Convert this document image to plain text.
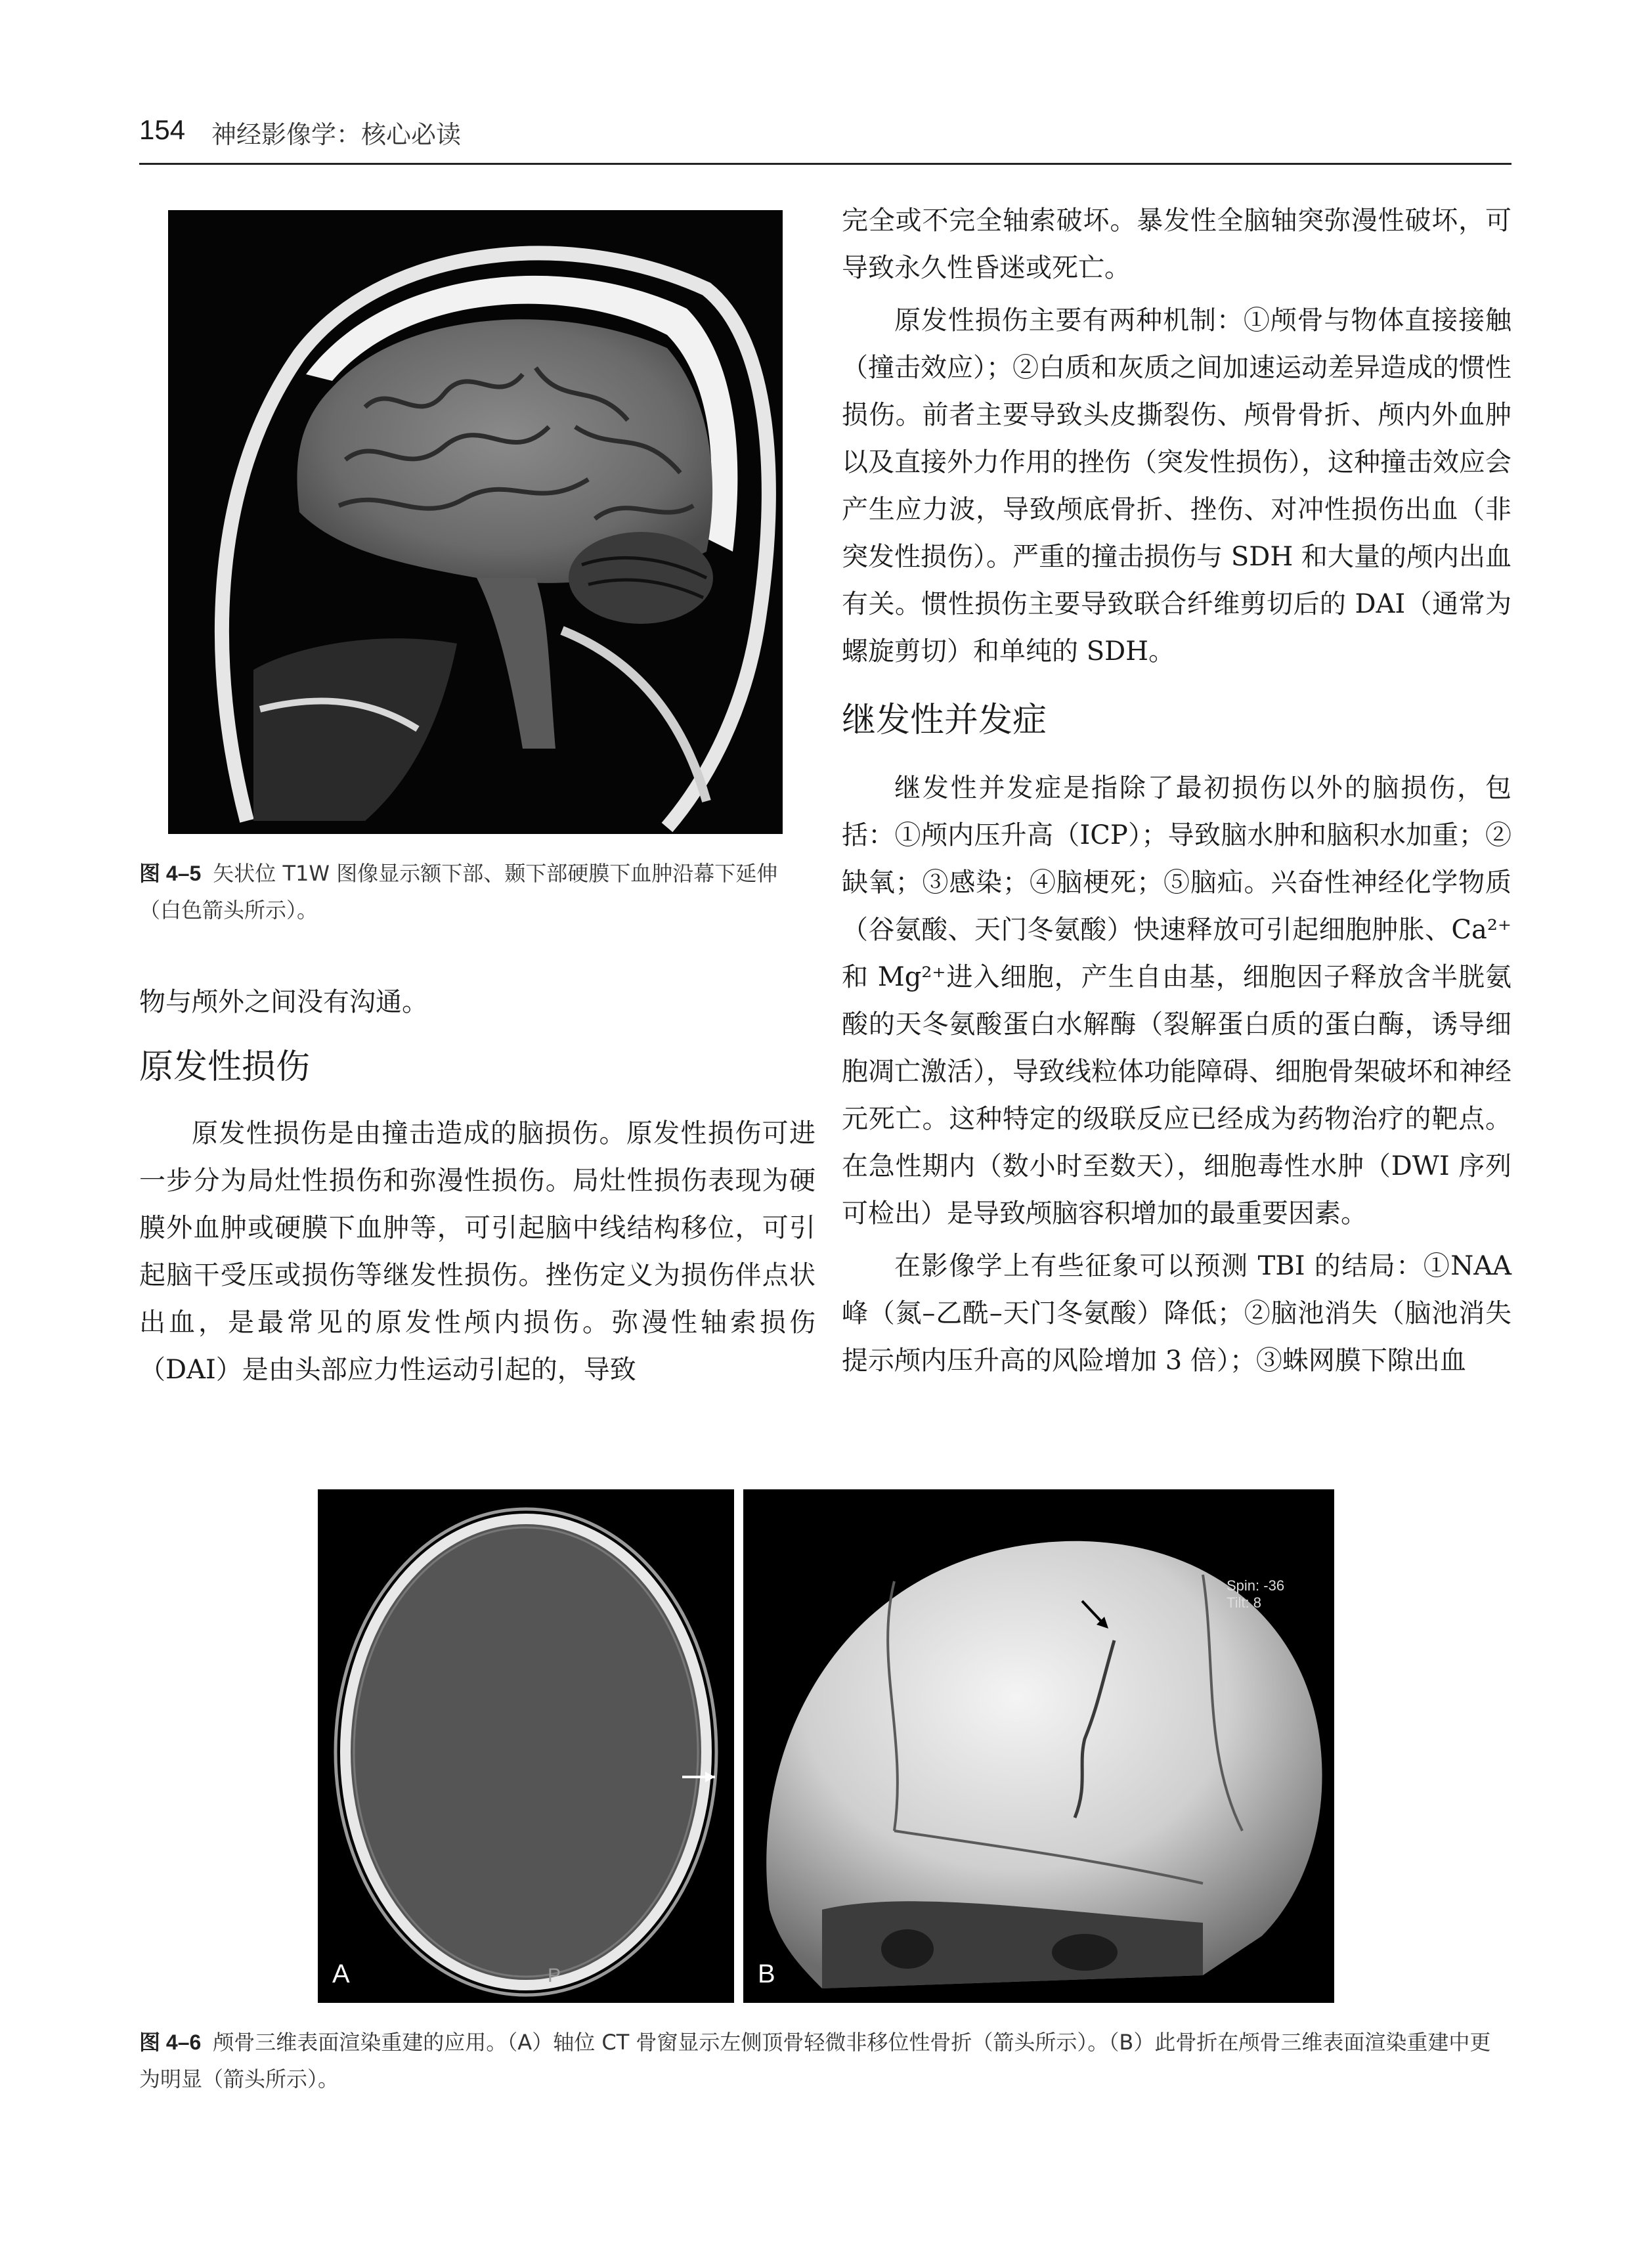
154 神经影像学：核心必读
图 4–5 矢状位 T1W 图像显示额下部、颞下部硬膜下血肿沿幕下延伸（白色箭头所示）。

物与颅外之间没有沟通。

原发性损伤

原发性损伤是由撞击造成的脑损伤。原发性损伤可进一步分为局灶性损伤和弥漫性损伤。局灶性损伤表现为硬膜外血肿或硬膜下血肿等，可引起脑中线结构移位，可引起脑干受压或损伤等继发性损伤。挫伤定义为损伤伴点状出血，是最常见的原发性颅内损伤。弥漫性轴索损伤（DAI）是由头部应力性运动引起的，导致

完全或不完全轴索破坏。暴发性全脑轴突弥漫性破坏，可导致永久性昏迷或死亡。

原发性损伤主要有两种机制：①颅骨与物体直接接触（撞击效应）；②白质和灰质之间加速运动差异造成的惯性损伤。前者主要导致头皮撕裂伤、颅骨骨折、颅内外血肿以及直接外力作用的挫伤（突发性损伤），这种撞击效应会产生应力波，导致颅底骨折、挫伤、对冲性损伤出血（非突发性损伤）。严重的撞击损伤与 SDH 和大量的颅内出血有关。惯性损伤主要导致联合纤维剪切后的 DAI（通常为螺旋剪切）和单纯的 SDH。

继发性并发症

继发性并发症是指除了最初损伤以外的脑损伤，包括：①颅内压升高（ICP）；导致脑水肿和脑积水加重；②缺氧；③感染；④脑梗死；⑤脑疝。兴奋性神经化学物质（谷氨酸、天门冬氨酸）快速释放可引起细胞肿胀、Ca²⁺和 Mg²⁺进入细胞，产生自由基，细胞因子释放含半胱氨酸的天冬氨酸蛋白水解酶（裂解蛋白质的蛋白酶，诱导细胞凋亡激活），导致线粒体功能障碍、细胞骨架破坏和神经元死亡。这种特定的级联反应已经成为药物治疗的靶点。在急性期内（数小时至数天），细胞毒性水肿（DWI 序列可检出）是导致颅脑容积增加的最重要因素。

在影像学上有些征象可以预测 TBI 的结局：①NAA 峰（氮–乙酰–天门冬氨酸）降低；②脑池消失（脑池消失提示颅内压升高的风险增加 3 倍）；③蛛网膜下隙出血

A	P
Spin: -36
Tilt: 8
B
图 4–6 颅骨三维表面渲染重建的应用。（A）轴位 CT 骨窗显示左侧顶骨轻微非移位性骨折（箭头所示）。（B）此骨折在颅骨三维表面渲染重建中更为明显（箭头所示）。
